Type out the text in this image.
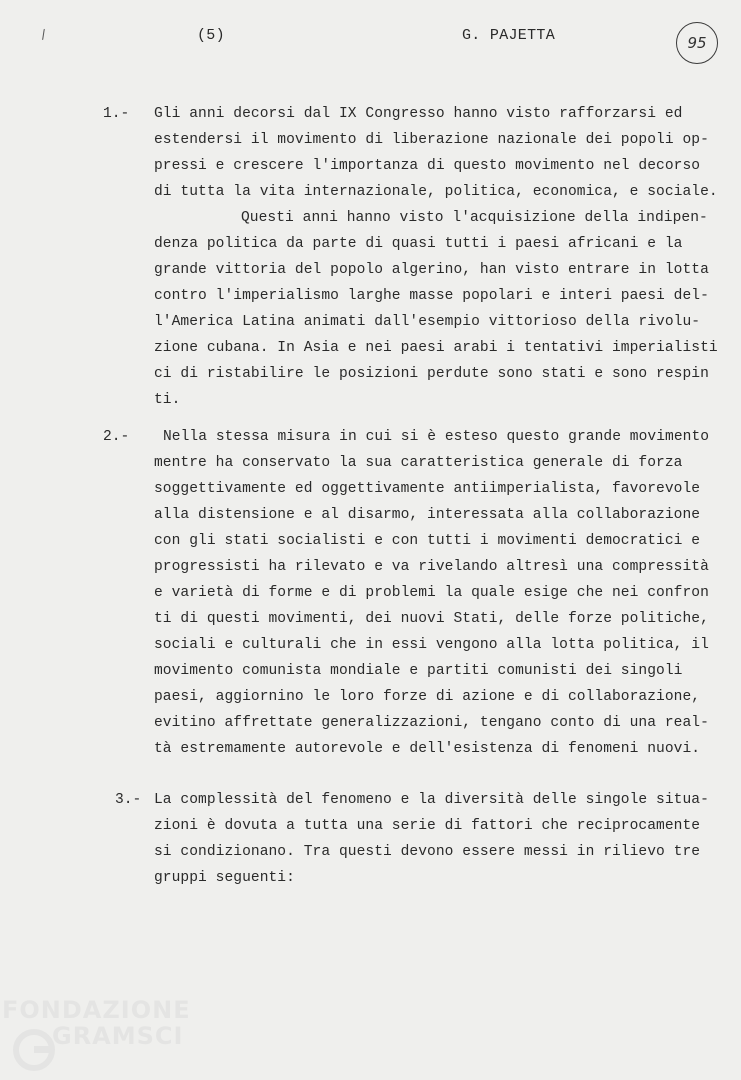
/	(5)	G. PAJETTA	95
1.- Gli anni decorsi dal IX Congresso hanno visto rafforzarsi ed
estendersi il movimento di liberazione nazionale dei popoli op-
pressi e crescere l'importanza di questo movimento nel decorso
di tutta la vita internazionale, politica, economica, e sociale.
Questi anni hanno visto l'acquisizione della indipen-
denza politica da parte di quasi tutti i paesi africani e la
grande vittoria del popolo algerino, han visto entrare in lotta
contro l'imperialismo larghe masse popolari e interi paesi del-
l'America Latina animati dall'esempio vittorioso della rivolu-
zione cubana. In Asia e nei paesi arabi i tentativi imperialisti
ci di ristabilire le posizioni perdute sono stati e sono respin
ti.
2.- Nella stessa misura in cui si è esteso questo grande movimento
mentre ha conservato la sua caratteristica generale di forza
soggettivamente ed oggettivamente antiimperialista, favorevole
alla distensione e al disarmo, interessata alla collaborazione
con gli stati socialisti e con tutti i movimenti democratici e
progressisti ha rilevato e va rivelando altresì una compressità
e varietà di forme e di problemi la quale esige che nei confron
ti di questi movimenti, dei nuovi Stati, delle forze politiche,
sociali e culturali che in essi vengono alla lotta politica, il
movimento comunista mondiale e partiti comunisti dei singoli
paesi, aggiornino le loro forze di azione e di collaborazione,
evitino affrettate generalizzazioni, tengano conto di una real-
tà estremamente autorevole e dell'esistenza di fenomeni nuovi.
3.- La complessità del fenomeno e la diversità delle singole situa-
zioni è dovuta a tutta una serie di fattori che reciprocamente
si condizionano. Tra questi devono essere messi in rilievo tre
gruppi seguenti:
FONDAZIONE
GRAMSCI
